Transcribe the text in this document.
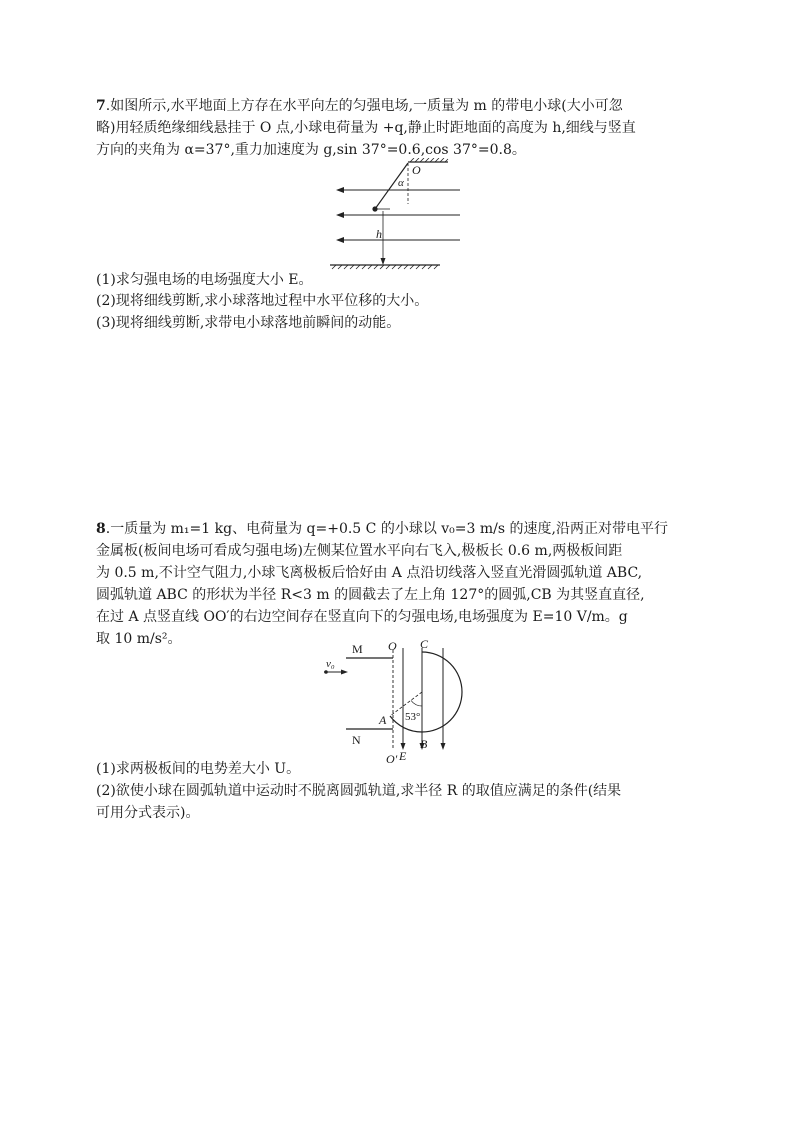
7.如图所示,水平地面上方存在水平向左的匀强电场,一质量为 m 的带电小球(大小可忽
略)用轻质绝缘细线悬挂于 O 点,小球电荷量为 +q,静止时距地面的高度为 h,细线与竖直
方向的夹角为 α=37°,重力加速度为 g,sin 37°=0.6,cos 37°=0.8。
O
α
h
(1)求匀强电场的电场强度大小 E。
(2)现将细线剪断,求小球落地过程中水平位移的大小。
(3)现将细线剪断,求带电小球落地前瞬间的动能。
8.一质量为 m₁=1 kg、电荷量为 q=+0.5 C 的小球以 v₀=3 m/s 的速度,沿两正对带电平行
金属板(板间电场可看成匀强电场)左侧某位置水平向右飞入,极板长 0.6 m,两极板间距
为 0.5 m,不计空气阻力,小球飞离极板后恰好由 A 点沿切线落入竖直光滑圆弧轨道 ABC,
圆弧轨道 ABC 的形状为半径 R<3 m 的圆截去了左上角 127°的圆弧,CB 为其竖直直径,
在过 A 点竖直线 OO′的右边空间存在竖直向下的匀强电场,电场强度为 E=10 V/m。g
取 10 m/s²。
M
N
v₀
O
O′
C
A
B
E
53°
(1)求两极板间的电势差大小 U。
(2)欲使小球在圆弧轨道中运动时不脱离圆弧轨道,求半径 R 的取值应满足的条件(结果
可用分式表示)。
